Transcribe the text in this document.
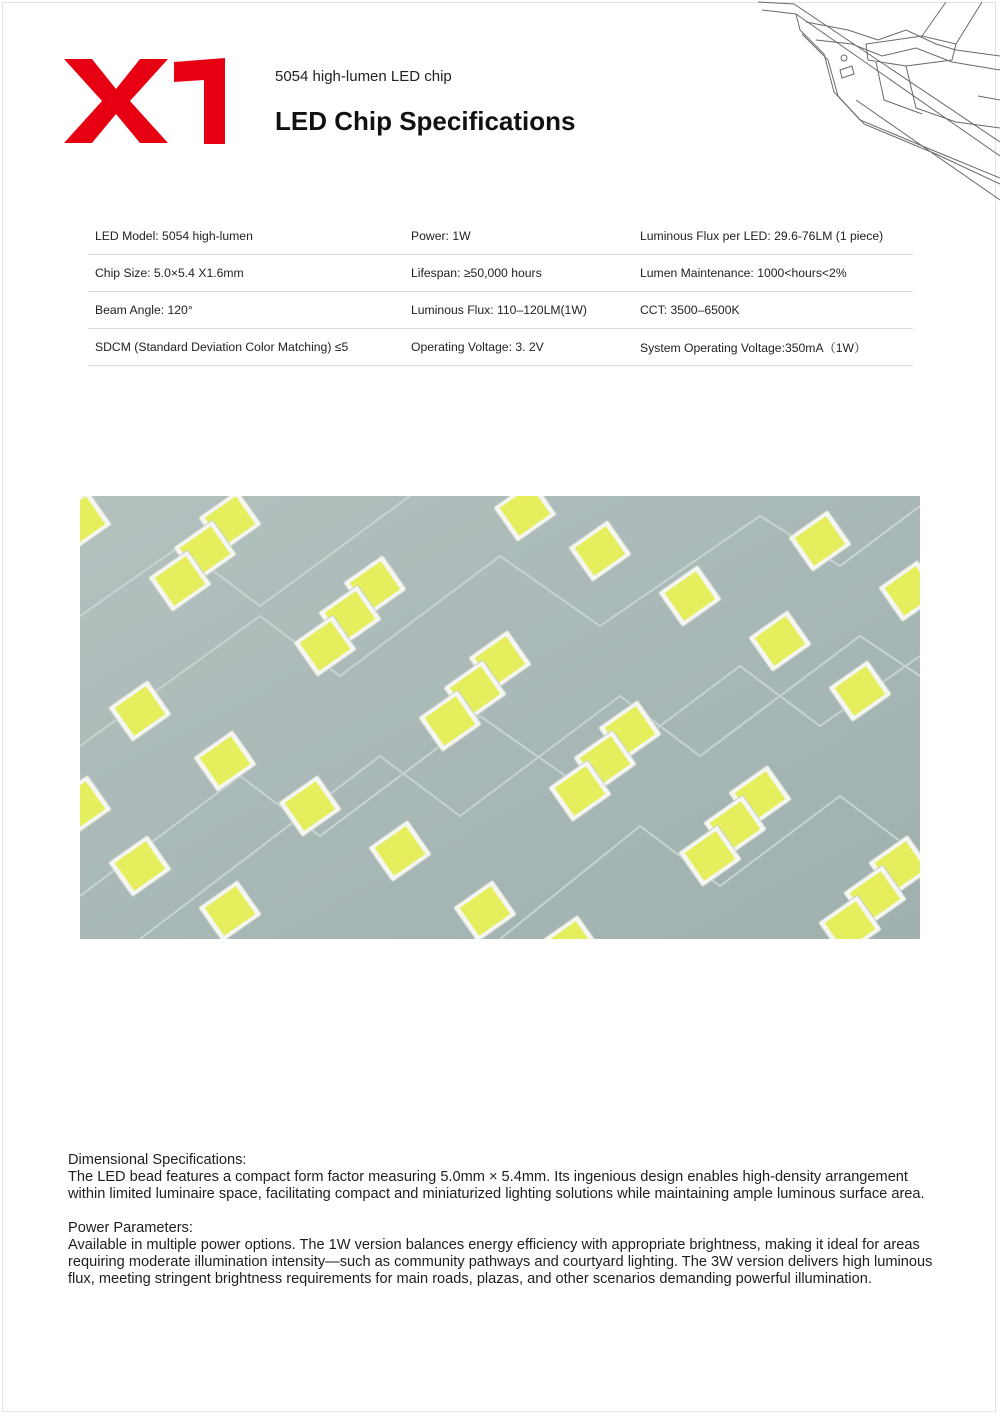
5054 high-lumen LED chip
LED Chip Specifications
LED Model: 5054 high-lumen	Power: 1W	Luminous Flux per LED: 29.6-76LM (1 piece)
Chip Size: 5.0×5.4 X1.6mm	Lifespan: ≥50,000 hours	Lumen Maintenance: 1000<hours<2%
Beam Angle: 120°	Luminous Flux: 110–120LM(1W)	CCT: 3500–6500K
SDCM (Standard Deviation Color Matching) ≤5	Operating Voltage: 3. 2V	System Operating Voltage:350mA（1W）

Dimensional Specifications:

The LED bead features a compact form factor measuring 5.0mm × 5.4mm. Its ingenious design enables high-density arrangement within limited luminaire space, facilitating compact and miniaturized lighting solutions while maintaining ample luminous surface area.

Power Parameters:

Available in multiple power options. The 1W version balances energy efficiency with appropriate brightness, making it ideal for areas requiring moderate illumination intensity—such as community pathways and courtyard lighting. The 3W version delivers high luminous flux, meeting stringent brightness requirements for main roads, plazas, and other scenarios demanding powerful illumination.
